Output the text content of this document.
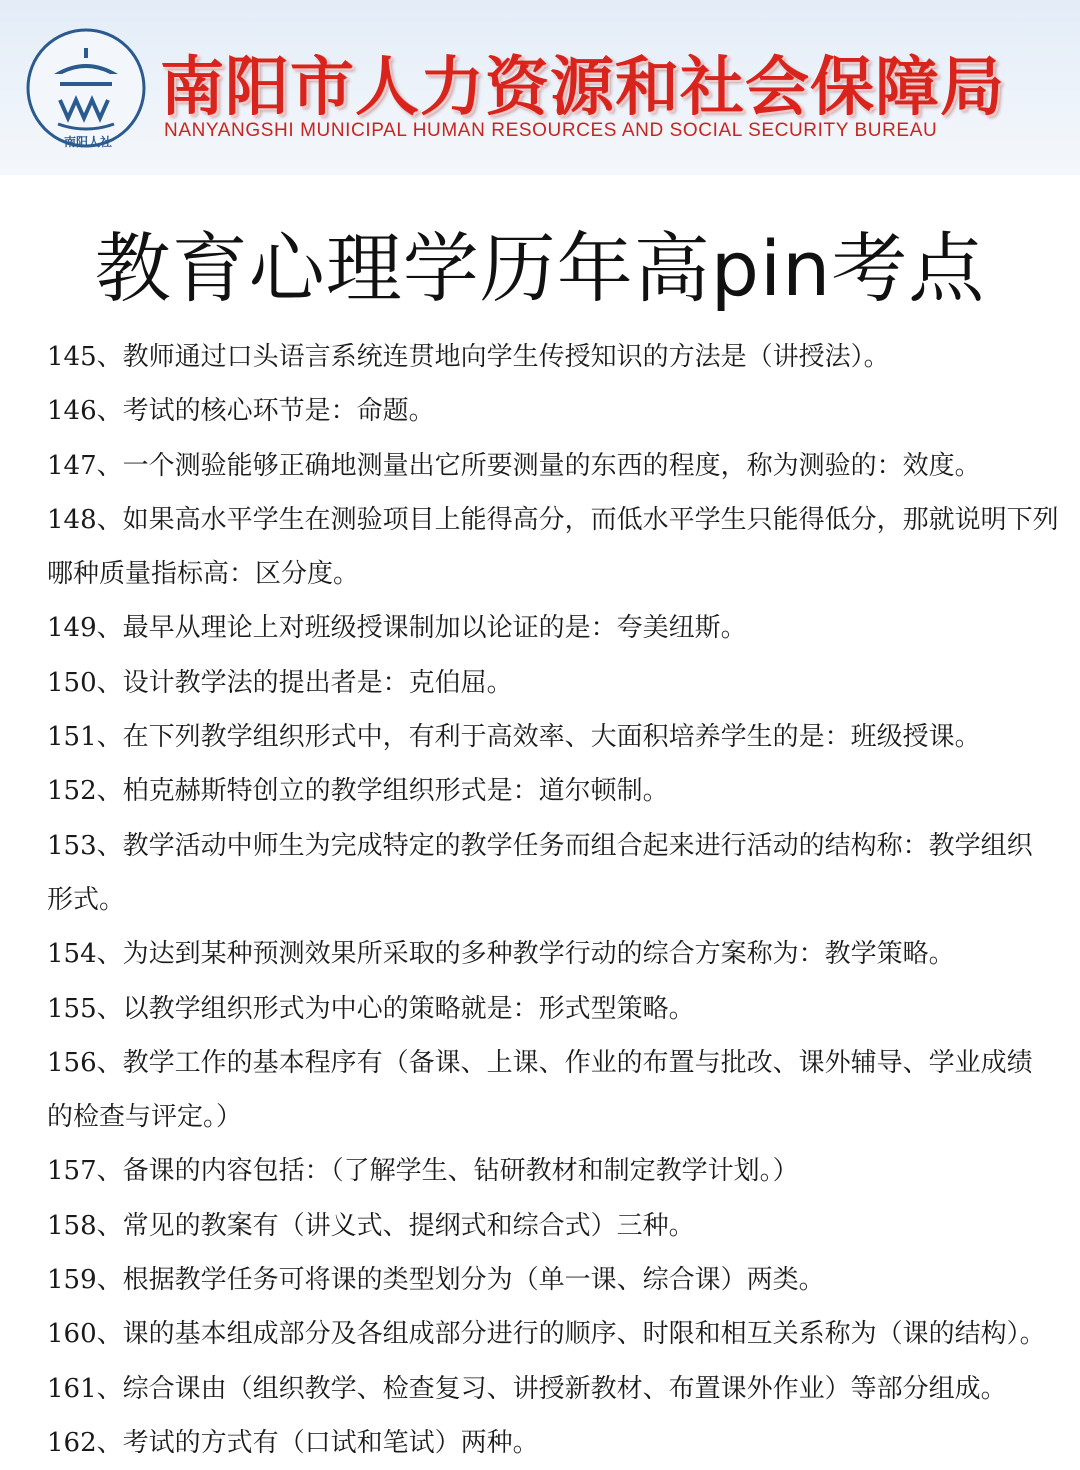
南阳人社
南阳市人力资源和社会保障局
NANYANGSHI MUNICIPAL HUMAN RESOURCES AND SOCIAL SECURITY BUREAU
教育心理学历年高pin考点

145、教师通过口头语言系统连贯地向学生传授知识的方法是（讲授法）。

146、考试的核心环节是：命题。

147、一个测验能够正确地测量出它所要测量的东西的程度，称为测验的：效度。

148、如果高水平学生在测验项目上能得高分，而低水平学生只能得低分，那就说明下列

哪种质量指标高：区分度。

149、最早从理论上对班级授课制加以论证的是：夸美纽斯。

150、设计教学法的提出者是：克伯屈。

151、在下列教学组织形式中，有利于高效率、大面积培养学生的是：班级授课。

152、柏克赫斯特创立的教学组织形式是：道尔顿制。

153、教学活动中师生为完成特定的教学任务而组合起来进行活动的结构称：教学组织

形式。

154、为达到某种预测效果所采取的多种教学行动的综合方案称为：教学策略。

155、以教学组织形式为中心的策略就是：形式型策略。

156、教学工作的基本程序有（备课、上课、作业的布置与批改、课外辅导、学业成绩

的检查与评定。）

157、备课的内容包括：（了解学生、钻研教材和制定教学计划。）

158、常见的教案有（讲义式、提纲式和综合式）三种。

159、根据教学任务可将课的类型划分为（单一课、综合课）两类。

160、课的基本组成部分及各组成部分进行的顺序、时限和相互关系称为（课的结构）。

161、综合课由（组织教学、检查复习、讲授新教材、布置课外作业）等部分组成。

162、考试的方式有（口试和笔试）两种。
